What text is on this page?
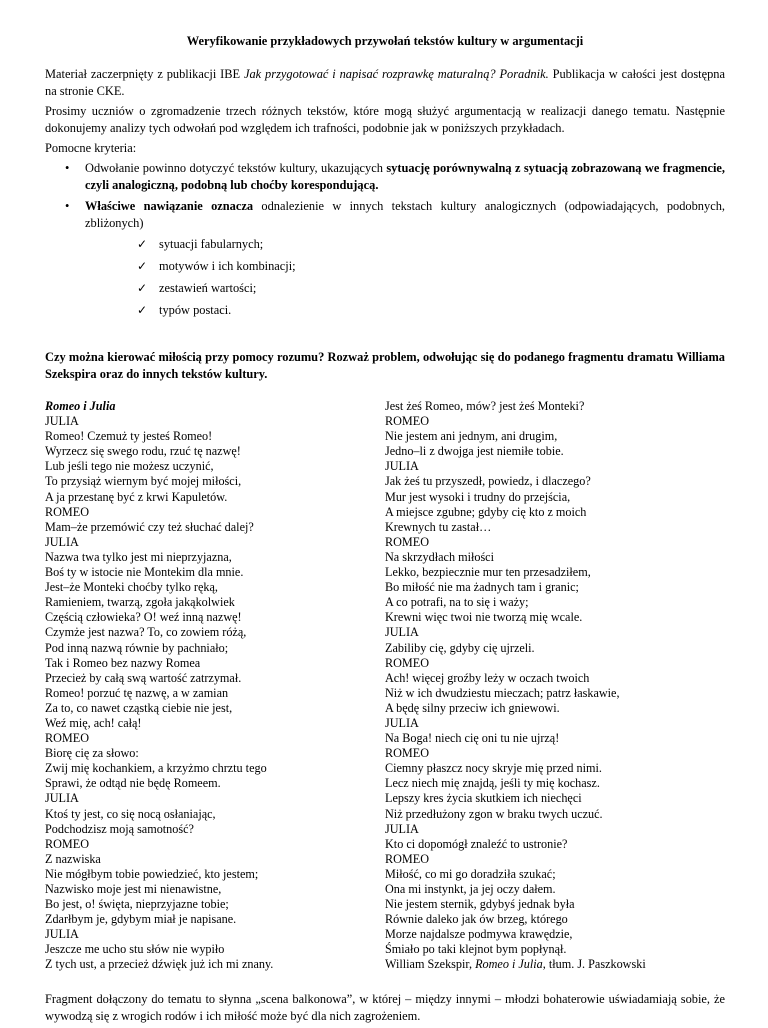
Weryfikowanie przykładowych przywołań tekstów kultury w argumentacji

Materiał zaczerpnięty z publikacji IBE Jak przygotować i napisać rozprawkę maturalną? Poradnik. Publikacja w całości jest dostępna na stronie CKE.

Prosimy uczniów o zgromadzenie trzech różnych tekstów, które mogą służyć argumentacją w realizacji danego tematu. Następnie dokonujemy analizy tych odwołań pod względem ich trafności, podobnie jak w poniższych przykładach.

Pomocne kryteria:

• Odwołanie powinno dotyczyć tekstów kultury, ukazujących sytuację porównywalną z sytuacją zobrazowaną we fragmencie, czyli analogiczną, podobną lub choćby korespondującą.
• Właściwe nawiązanie oznacza odnalezienie w innych tekstach kultury analogicznych (odpowiadających, podobnych, zbliżonych)
✓ sytuacji fabularnych;
✓ motywów i ich kombinacji;
✓ zestawień wartości;
✓ typów postaci.

Czy można kierować miłością przy pomocy rozumu? Rozważ problem, odwołując się do podanego fragmentu dramatu Williama Szekspira oraz do innych tekstów kultury.

Romeo i Julia
JULIA
Romeo! Czemuż ty jesteś Romeo!
Wyrzecz się swego rodu, rzuć tę nazwę!
Lub jeśli tego nie możesz uczynić,
To przysiąż wiernym być mojej miłości,
A ja przestanę być z krwi Kapuletów.
ROMEO
Mam–że przemówić czy też słuchać dalej?
JULIA
Nazwa twa tylko jest mi nieprzyjazna,
Boś ty w istocie nie Montekim dla mnie.
Jest–że Monteki choćby tylko ręką,
Ramieniem, twarzą, zgoła jakąkolwiek
Częścią człowieka? O! weź inną nazwę!
Czymże jest nazwa? To, co zowiem różą,
Pod inną nazwą równie by pachniało;
Tak i Romeo bez nazwy Romea
Przecież by całą swą wartość zatrzymał.
Romeo! porzuć tę nazwę, a w zamian
Za to, co nawet cząstką ciebie nie jest,
Weź mię, ach! całą!
ROMEO
Biorę cię za słowo:
Zwij mię kochankiem, a krzyżmo chrztu tego
Sprawi, że odtąd nie będę Romeem.
JULIA
Ktoś ty jest, co się nocą osłaniając,
Podchodzisz moją samotność?
ROMEO
Z nazwiska
Nie mógłbym tobie powiedzieć, kto jestem;
Nazwisko moje jest mi nienawistne,
Bo jest, o! święta, nieprzyjazne tobie;
Zdarłbym je, gdybym miał je napisane.
JULIA
Jeszcze me ucho stu słów nie wypiło
Z tych ust, a przecież dźwięk już ich mi znany.
Jest żeś Romeo, mów? jest żeś Monteki?
ROMEO
Nie jestem ani jednym, ani drugim,
Jedno–li z dwojga jest niemiłe tobie.
JULIA
Jak żeś tu przyszedł, powiedz, i dlaczego?
Mur jest wysoki i trudny do przejścia,
A miejsce zgubne; gdyby cię kto z moich
Krewnych tu zastał…
ROMEO
Na skrzydłach miłości
Lekko, bezpiecznie mur ten przesadziłem,
Bo miłość nie ma żadnych tam i granic;
A co potrafi, na to się i waży;
Krewni więc twoi nie tworzą mię wcale.
JULIA
Zabiliby cię, gdyby cię ujrzeli.
ROMEO
Ach! więcej groźby leży w oczach twoich
Niż w ich dwudziestu mieczach; patrz łaskawie,
A będę silny przeciw ich gniewowi.
JULIA
Na Boga! niech cię oni tu nie ujrzą!
ROMEO
Ciemny płaszcz nocy skryje mię przed nimi.
Lecz niech mię znajdą, jeśli ty mię kochasz.
Lepszy kres życia skutkiem ich niechęci
Niż przedłużony zgon w braku twych uczuć.
JULIA
Kto ci dopomógł znaleźć to ustronie?
ROMEO
Miłość, co mi go doradziła szukać;
Ona mi instynkt, ja jej oczy dałem.
Nie jestem sternik, gdybyś jednak była
Równie daleko jak ów brzeg, którego
Morze najdalsze podmywa krawędzie,
Śmiało po taki klejnot bym popłynął.
William Szekspir, Romeo i Julia, tłum. J. Paszkowski

Fragment dołączony do tematu to słynna „scena balkonowa”, w której – między innymi – młodzi bohaterowie uświadamiają sobie, że wywodzą się z wrogich rodów i ich miłość może być dla nich zagrożeniem.
